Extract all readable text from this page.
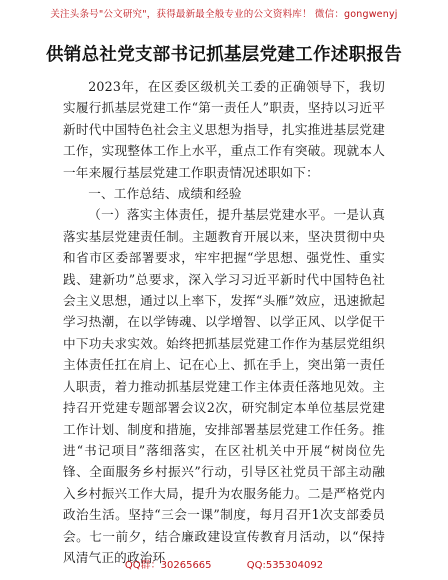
关注头条号"公文研究"，获得最新最全般专业的公文资料库！ 微信：gongwenyj
供销总社党支部书记抓基层党建工作述职报告

2023年，在区委区级机关工委的正确领导下，我切实履行抓基层党建工作“第一责任人”职责，坚持以习近平新时代中国特色社会主义思想为指导，扎实推进基层党建工作，实现整体工作上水平，重点工作有突破。现就本人一年来履行基层党建工作职责情况述职如下：

一、工作总结、成绩和经验

（一）落实主体责任，提升基层党建水平。一是认真落实基层党建责任制。主题教育开展以来，坚决贯彻中央和省市区委部署要求，牢牢把握“学思想、强党性、重实践、建新功”总要求，深入学习习近平新时代中国特色社会主义思想，通过以上率下，发挥“头雁”效应，迅速掀起学习热潮，在以学铸魂、以学增智、以学正风、以学促干中下功夫求实效。始终把抓基层党建工作作为基层党组织主体责任扛在肩上、记在心上、抓在手上，突出第一责任人职责，着力推动抓基层党建工作主体责任落地见效。主持召开党建专题部署会议2次，研究制定本单位基层党建工作计划、制度和措施，安排部署基层党建工作任务。推进“书记项目”落细落实，在区社机关中开展“树岗位先锋、全面服务乡村振兴”行动，引导区社党员干部主动融入乡村振兴工作大局，提升为农服务能力。二是严格党内政治生活。坚持“三会一课”制度，每月召开1次支部委员会。七一前夕，结合廉政建设宣传教育月活动，以“保持风清气正的政治环

QQ群：30265665	QQ:535304092
